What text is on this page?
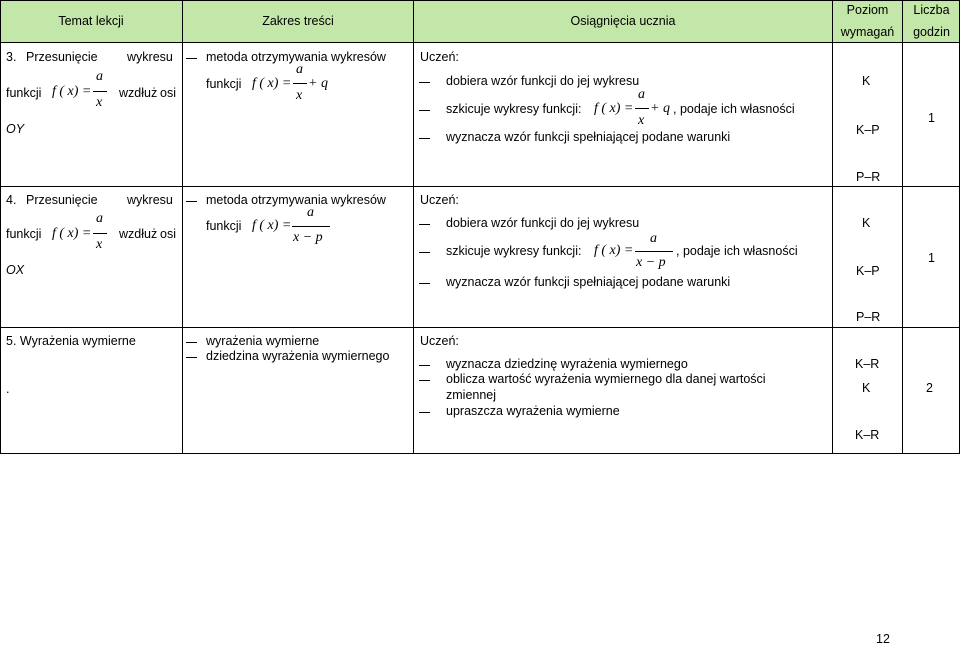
Temat lekcji	Zakres treści	Osiągnięcia ucznia
Poziom
wymagań
Liczba
godzin
3. Przesunięcie wykresu
funkcji f ( x) =
a
x
wzdłuż osi
OY
metoda otrzymywania wykresów
funkcji f ( x) =
a
x
+ q
Uczeń:
dobiera wzór funkcji do jej wykresu
szkicuje wykresy funkcji: f ( x) =
a
x
+ q , podaje ich własności
wyznacza wzór funkcji spełniającej podane warunki
K
K–P
P–R
1
4. Przesunięcie wykresu
funkcji f ( x) =
a
x
wzdłuż osi
OX
metoda otrzymywania wykresów
funkcji f ( x) =
a
x − p
Uczeń:
dobiera wzór funkcji do jej wykresu
szkicuje wykresy funkcji: f ( x) =
a
x − p
, podaje ich własności
wyznacza wzór funkcji spełniającej podane warunki
K
K–P
P–R
1
5. Wyrażenia wymierne
.
wyrażenia wymierne
dziedzina wyrażenia wymiernego
Uczeń:
wyznacza dziedzinę wyrażenia wymiernego
oblicza wartość wyrażenia wymiernego dla danej wartości
zmiennej
upraszcza wyrażenia wymierne
K–R
K
K–R
2
12
